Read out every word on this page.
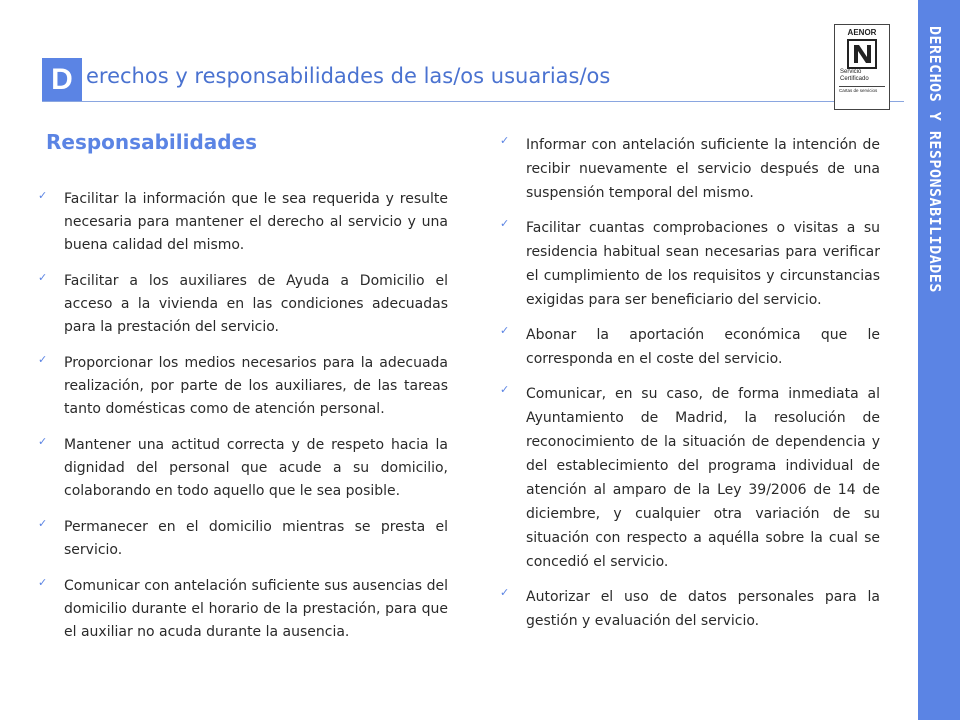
DERECHOS Y RESPONSABILIDADES
D erechos y responsabilidades de las/os usuarias/os
AENOR
Servicio
Certificado
Cartas de servicios
Responsabilidades
✓ Facilitar la información que le sea requerida y resulte necesaria para mantener el derecho al servicio y una buena calidad del mismo.
✓ Facilitar a los auxiliares de Ayuda a Domicilio el acceso a la vivienda en las condiciones adecuadas para la prestación del servicio.
✓ Proporcionar los medios necesarios para la adecuada realización, por parte de los auxiliares, de las tareas tanto domésticas como de atención personal.
✓ Mantener una actitud correcta y de respeto hacia la dignidad del personal que acude a su domicilio, colaborando en todo aquello que le sea posible.
✓ Permanecer en el domicilio mientras se presta el servicio.
✓ Comunicar con antelación suficiente sus ausencias del domicilio durante el horario de la prestación, para que el auxiliar no acuda durante la ausencia.
✓ Informar con antelación suficiente la intención de recibir nuevamente el servicio después de una suspensión temporal del mismo.
✓ Facilitar cuantas comprobaciones o visitas a su residencia habitual sean necesarias para verificar el cumplimiento de los requisitos y circunstancias exigidas para ser beneficiario del servicio.
✓ Abonar la aportación económica que le corresponda en el coste del servicio.
✓ Comunicar, en su caso, de forma inmediata al Ayuntamiento de Madrid, la resolución de reconocimiento de la situación de dependencia y del establecimiento del programa individual de atención al amparo de la Ley 39/2006 de 14 de diciembre, y cualquier otra variación de su situación con respecto a aquélla sobre la cual se concedió el servicio.
✓ Autorizar el uso de datos personales para la gestión y evaluación del servicio.
